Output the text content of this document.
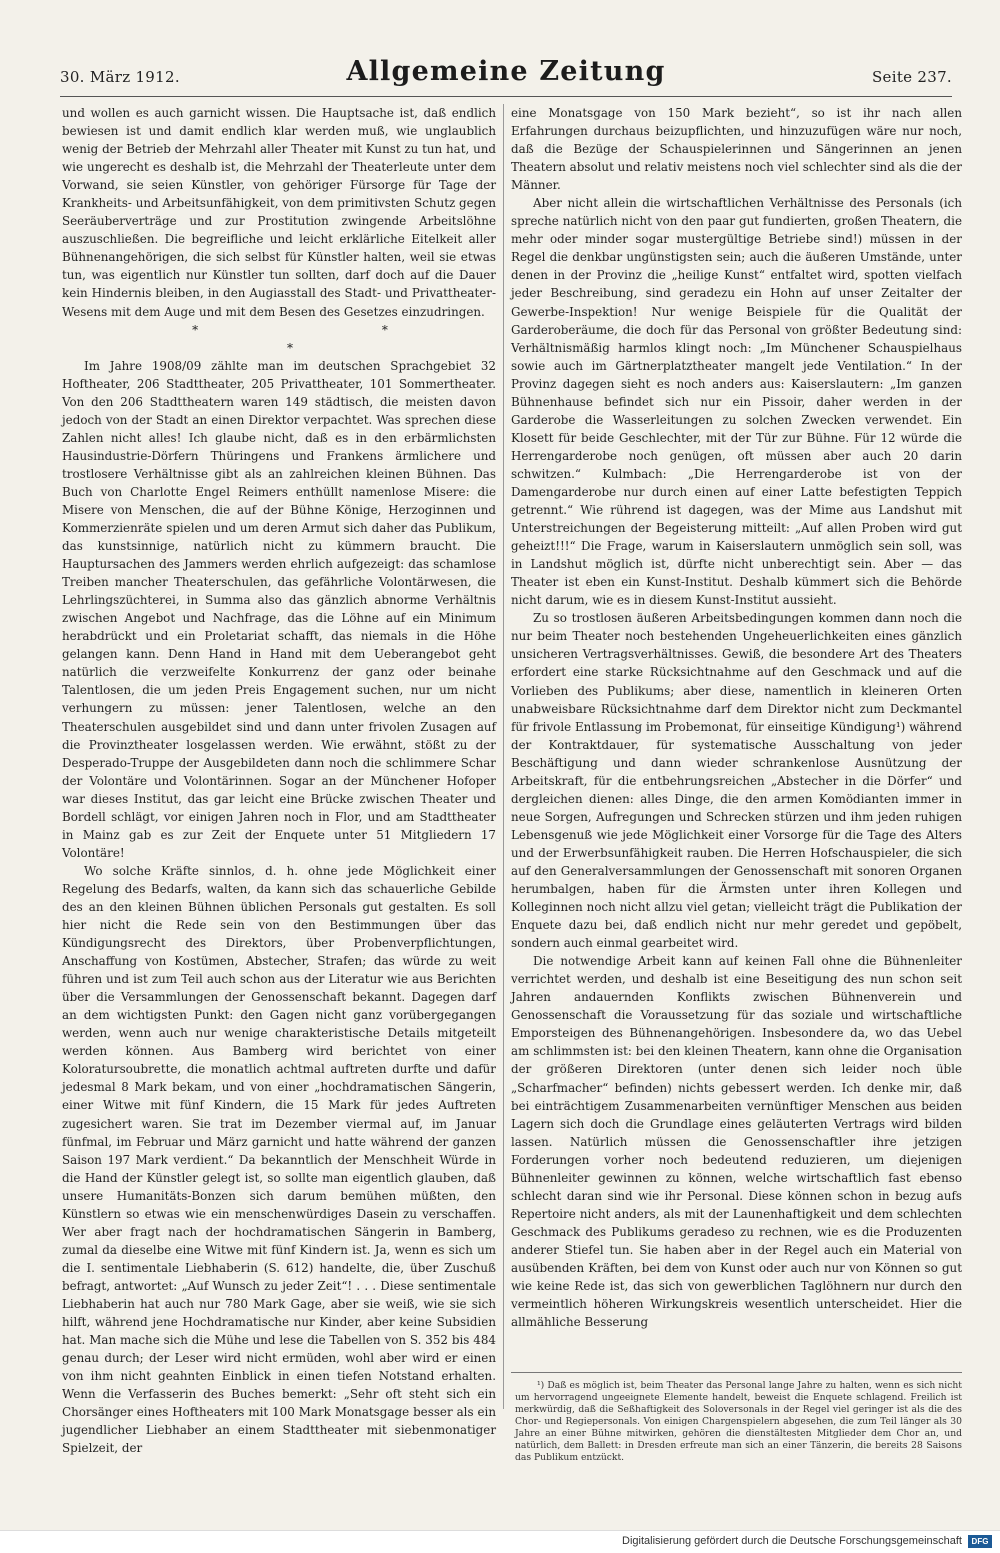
30. März 1912.	Allgemeine Zeitung	Seite 237.

und wollen es auch garnicht wissen. Die Hauptsache ist, daß endlich bewiesen ist und damit endlich klar werden muß, wie unglaublich wenig der Betrieb der Mehrzahl aller Theater mit Kunst zu tun hat, und wie ungerecht es deshalb ist, die Mehrzahl der Theaterleute unter dem Vorwand, sie seien Künstler, von gehöriger Fürsorge für Tage der Krankheits- und Arbeitsunfähigkeit, von dem primitivsten Schutz gegen Seeräuberverträge und zur Prostitution zwingende Arbeitslöhne auszuschließen. Die begreifliche und leicht erklärliche Eitelkeit aller Bühnenangehörigen, die sich selbst für Künstler halten, weil sie etwas tun, was eigentlich nur Künstler tun sollten, darf doch auf die Dauer kein Hindernis bleiben, in den Augiasstall des Stadt- und Privattheater-Wesens mit dem Auge und mit dem Besen des Gesetzes einzudringen.

* *

*

Im Jahre 1908/09 zählte man im deutschen Sprachgebiet 32 Hoftheater, 206 Stadttheater, 205 Privattheater, 101 Sommertheater. Von den 206 Stadttheatern waren 149 städtisch, die meisten davon jedoch von der Stadt an einen Direktor verpachtet. Was sprechen diese Zahlen nicht alles! Ich glaube nicht, daß es in den erbärmlichsten Hausindustrie-Dörfern Thüringens und Frankens ärmlichere und trostlosere Verhältnisse gibt als an zahlreichen kleinen Bühnen. Das Buch von Charlotte Engel Reimers enthüllt namenlose Misere: die Misere von Menschen, die auf der Bühne Könige, Herzoginnen und Kommerzienräte spielen und um deren Armut sich daher das Publikum, das kunstsinnige, natürlich nicht zu kümmern braucht. Die Hauptursachen des Jammers werden ehrlich aufgezeigt: das schamlose Treiben mancher Theaterschulen, das gefährliche Volontärwesen, die Lehrlingszüchterei, in Summa also das gänzlich abnorme Verhältnis zwischen Angebot und Nachfrage, das die Löhne auf ein Minimum herabdrückt und ein Proletariat schafft, das niemals in die Höhe gelangen kann. Denn Hand in Hand mit dem Ueberangebot geht natürlich die verzweifelte Konkurrenz der ganz oder beinahe Talentlosen, die um jeden Preis Engagement suchen, nur um nicht verhungern zu müssen: jener Talentlosen, welche an den Theaterschulen ausgebildet sind und dann unter frivolen Zusagen auf die Provinztheater losgelassen werden. Wie erwähnt, stößt zu der Desperado-Truppe der Ausgebildeten dann noch die schlimmere Schar der Volontäre und Volontärinnen. Sogar an der Münchener Hofoper war dieses Institut, das gar leicht eine Brücke zwischen Theater und Bordell schlägt, vor einigen Jahren noch in Flor, und am Stadttheater in Mainz gab es zur Zeit der Enquete unter 51 Mitgliedern 17 Volontäre!

Wo solche Kräfte sinnlos, d. h. ohne jede Möglichkeit einer Regelung des Bedarfs, walten, da kann sich das schauerliche Gebilde des an den kleinen Bühnen üblichen Personals gut gestalten. Es soll hier nicht die Rede sein von den Bestimmungen über das Kündigungsrecht des Direktors, über Probenverpflichtungen, Anschaffung von Kostümen, Abstecher, Strafen; das würde zu weit führen und ist zum Teil auch schon aus der Literatur wie aus Berichten über die Versammlungen der Genossenschaft bekannt. Dagegen darf an dem wichtigsten Punkt: den Gagen nicht ganz vorübergegangen werden, wenn auch nur wenige charakteristische Details mitgeteilt werden können. Aus Bamberg wird berichtet von einer Koloratursoubrette, die monatlich achtmal auftreten durfte und dafür jedesmal 8 Mark bekam, und von einer „hochdramatischen Sängerin, einer Witwe mit fünf Kindern, die 15 Mark für jedes Auftreten zugesichert waren. Sie trat im Dezember viermal auf, im Januar fünfmal, im Februar und März garnicht und hatte während der ganzen Saison 197 Mark verdient.“ Da bekanntlich der Menschheit Würde in die Hand der Künstler gelegt ist, so sollte man eigentlich glauben, daß unsere Humanitäts-Bonzen sich darum bemühen müßten, den Künstlern so etwas wie ein menschenwürdiges Dasein zu verschaffen. Wer aber fragt nach der hochdramatischen Sängerin in Bamberg, zumal da dieselbe eine Witwe mit fünf Kindern ist. Ja, wenn es sich um die I. sentimentale Liebhaberin (S. 612) handelte, die, über Zuschuß befragt, antwortet: „Auf Wunsch zu jeder Zeit“! . . . Diese sentimentale Liebhaberin hat auch nur 780 Mark Gage, aber sie weiß, wie sie sich hilft, während jene Hochdramatische nur Kinder, aber keine Subsidien hat. Man mache sich die Mühe und lese die Tabellen von S. 352 bis 484 genau durch; der Leser wird nicht ermüden, wohl aber wird er einen von ihm nicht geahnten Einblick in einen tiefen Notstand erhalten. Wenn die Verfasserin des Buches bemerkt: „Sehr oft steht sich ein Chorsänger eines Hoftheaters mit 100 Mark Monatsgage besser als ein jugendlicher Liebhaber an einem Stadttheater mit siebenmonatiger Spielzeit, der

eine Monatsgage von 150 Mark bezieht“, so ist ihr nach allen Erfahrungen durchaus beizupflichten, und hinzuzufügen wäre nur noch, daß die Bezüge der Schauspielerinnen und Sängerinnen an jenen Theatern absolut und relativ meistens noch viel schlechter sind als die der Männer.

Aber nicht allein die wirtschaftlichen Verhältnisse des Personals (ich spreche natürlich nicht von den paar gut fundierten, großen Theatern, die mehr oder minder sogar mustergültige Betriebe sind!) müssen in der Regel die denkbar ungünstigsten sein; auch die äußeren Umstände, unter denen in der Provinz die „heilige Kunst“ entfaltet wird, spotten vielfach jeder Beschreibung, sind geradezu ein Hohn auf unser Zeitalter der Gewerbe-Inspektion! Nur wenige Beispiele für die Qualität der Garderoberäume, die doch für das Personal von größter Bedeutung sind: Verhältnismäßig harmlos klingt noch: „Im Münchener Schauspielhaus sowie auch im Gärtnerplatztheater mangelt jede Ventilation.“ In der Provinz dagegen sieht es noch anders aus: Kaiserslautern: „Im ganzen Bühnenhause befindet sich nur ein Pissoir, daher werden in der Garderobe die Wasserleitungen zu solchen Zwecken verwendet. Ein Klosett für beide Geschlechter, mit der Tür zur Bühne. Für 12 würde die Herrengarderobe noch genügen, oft müssen aber auch 20 darin schwitzen.“ Kulmbach: „Die Herrengarderobe ist von der Damengarderobe nur durch einen auf einer Latte befestigten Teppich getrennt.“ Wie rührend ist dagegen, was der Mime aus Landshut mit Unterstreichungen der Begeisterung mitteilt: „Auf allen Proben wird gut geheizt!!!“ Die Frage, warum in Kaiserslautern unmöglich sein soll, was in Landshut möglich ist, dürfte nicht unberechtigt sein. Aber — das Theater ist eben ein Kunst-Institut. Deshalb kümmert sich die Behörde nicht darum, wie es in diesem Kunst-Institut aussieht.

Zu so trostlosen äußeren Arbeitsbedingungen kommen dann noch die nur beim Theater noch bestehenden Ungeheuerlichkeiten eines gänzlich unsicheren Vertragsverhältnisses. Gewiß, die besondere Art des Theaters erfordert eine starke Rücksichtnahme auf den Geschmack und auf die Vorlieben des Publikums; aber diese, namentlich in kleineren Orten unabweisbare Rücksichtnahme darf dem Direktor nicht zum Deckmantel für frivole Entlassung im Probemonat, für einseitige Kündigung¹) während der Kontraktdauer, für systematische Ausschaltung von jeder Beschäftigung und dann wieder schrankenlose Ausnützung der Arbeitskraft, für die entbehrungsreichen „Abstecher in die Dörfer“ und dergleichen dienen: alles Dinge, die den armen Komödianten immer in neue Sorgen, Aufregungen und Schrecken stürzen und ihm jeden ruhigen Lebensgenuß wie jede Möglichkeit einer Vorsorge für die Tage des Alters und der Erwerbsunfähigkeit rauben. Die Herren Hofschauspieler, die sich auf den Generalversammlungen der Genossenschaft mit sonoren Organen herumbalgen, haben für die Ärmsten unter ihren Kollegen und Kolleginnen noch nicht allzu viel getan; vielleicht trägt die Publikation der Enquete dazu bei, daß endlich nicht nur mehr geredet und gepöbelt, sondern auch einmal gearbeitet wird.

Die notwendige Arbeit kann auf keinen Fall ohne die Bühnenleiter verrichtet werden, und deshalb ist eine Beseitigung des nun schon seit Jahren andauernden Konflikts zwischen Bühnenverein und Genossenschaft die Voraussetzung für das soziale und wirtschaftliche Emporsteigen des Bühnenangehörigen. Insbesondere da, wo das Uebel am schlimmsten ist: bei den kleinen Theatern, kann ohne die Organisation der größeren Direktoren (unter denen sich leider noch üble „Scharfmacher“ befinden) nichts gebessert werden. Ich denke mir, daß bei einträchtigem Zusammenarbeiten vernünftiger Menschen aus beiden Lagern sich doch die Grundlage eines geläuterten Vertrags wird bilden lassen. Natürlich müssen die Genossenschaftler ihre jetzigen Forderungen vorher noch bedeutend reduzieren, um diejenigen Bühnenleiter gewinnen zu können, welche wirtschaftlich fast ebenso schlecht daran sind wie ihr Personal. Diese können schon in bezug aufs Repertoire nicht anders, als mit der Launenhaftigkeit und dem schlechten Geschmack des Publikums geradeso zu rechnen, wie es die Produzenten anderer Stiefel tun. Sie haben aber in der Regel auch ein Material von ausübenden Kräften, bei dem von Kunst oder auch nur von Können so gut wie keine Rede ist, das sich von gewerblichen Taglöhnern nur durch den vermeintlich höheren Wirkungskreis wesentlich unterscheidet. Hier die allmähliche Besserung

¹) Daß es möglich ist, beim Theater das Personal lange Jahre zu halten, wenn es sich nicht um hervorragend ungeeignete Elemente handelt, beweist die Enquete schlagend. Freilich ist merkwürdig, daß die Seßhaftigkeit des Soloversonals in der Regel viel geringer ist als die des Chor- und Regiepersonals. Von einigen Chargenspielern abgesehen, die zum Teil länger als 30 Jahre an einer Bühne mitwirken, gehören die dienstältesten Mitglieder dem Chor an, und natürlich, dem Ballett: in Dresden erfreute man sich an einer Tänzerin, die bereits 28 Saisons das Publikum entzückt.

Digitalisierung gefördert durch die Deutsche Forschungsgemeinschaft	DFG
